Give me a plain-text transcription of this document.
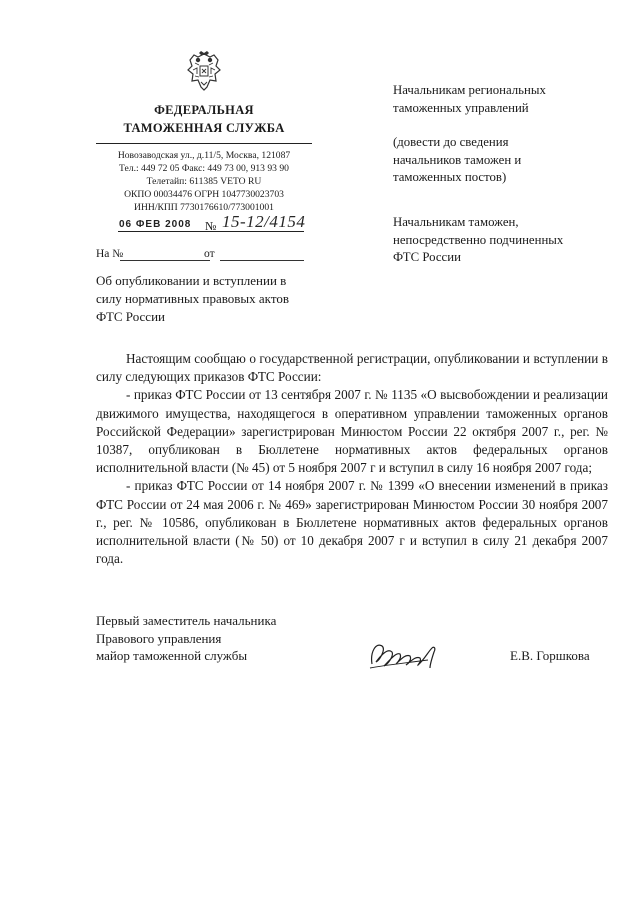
ФЕДЕРАЛЬНАЯ
ТАМОЖЕННАЯ СЛУЖБА
Новозаводская ул., д.11/5, Москва, 121087
Тел.: 449 72 05 Факс: 449 73 00, 913 93 90
Телетайп: 611385 VETO RU
ОКПО 00034476 ОГРН 1047730023703
ИНН/КПП 7730176610/773001001
06 ФЕВ 2008 № 15-12/4154
На №	от
Об опубликовании и вступлении в
силу нормативных правовых актов
ФТС России
Начальникам региональных
таможенных управлений
(довести до сведения
начальников таможен и
таможенных постов)
Начальникам таможен,
непосредственно подчиненных
ФТС России

Настоящим сообщаю о государственной регистрации, опубликовании и вступлении в силу следующих приказов ФТС России:

- приказ ФТС России от 13 сентября 2007 г. № 1135 «О высвобождении и реализации движимого имущества, находящегося в оперативном управлении таможенных органов Российской Федерации» зарегистрирован Минюстом России 22 октября 2007 г., рег. № 10387, опубликован в Бюллетене нормативных актов федеральных органов исполнительной власти (№ 45) от 5 ноября 2007 г и вступил в силу 16 ноября 2007 года;

- приказ ФТС России от 14 ноября 2007 г. № 1399 «О внесении изменений в приказ ФТС России от 24 мая 2006 г. № 469» зарегистрирован Минюстом России 30 ноября 2007 г., рег. № 10586, опубликован в Бюллетене нормативных актов федеральных органов исполнительной власти (№ 50) от 10 декабря 2007 г и вступил в силу 21 декабря 2007 года.

Первый заместитель начальника
Правового управления
майор таможенной службы	Е.В. Горшкова
